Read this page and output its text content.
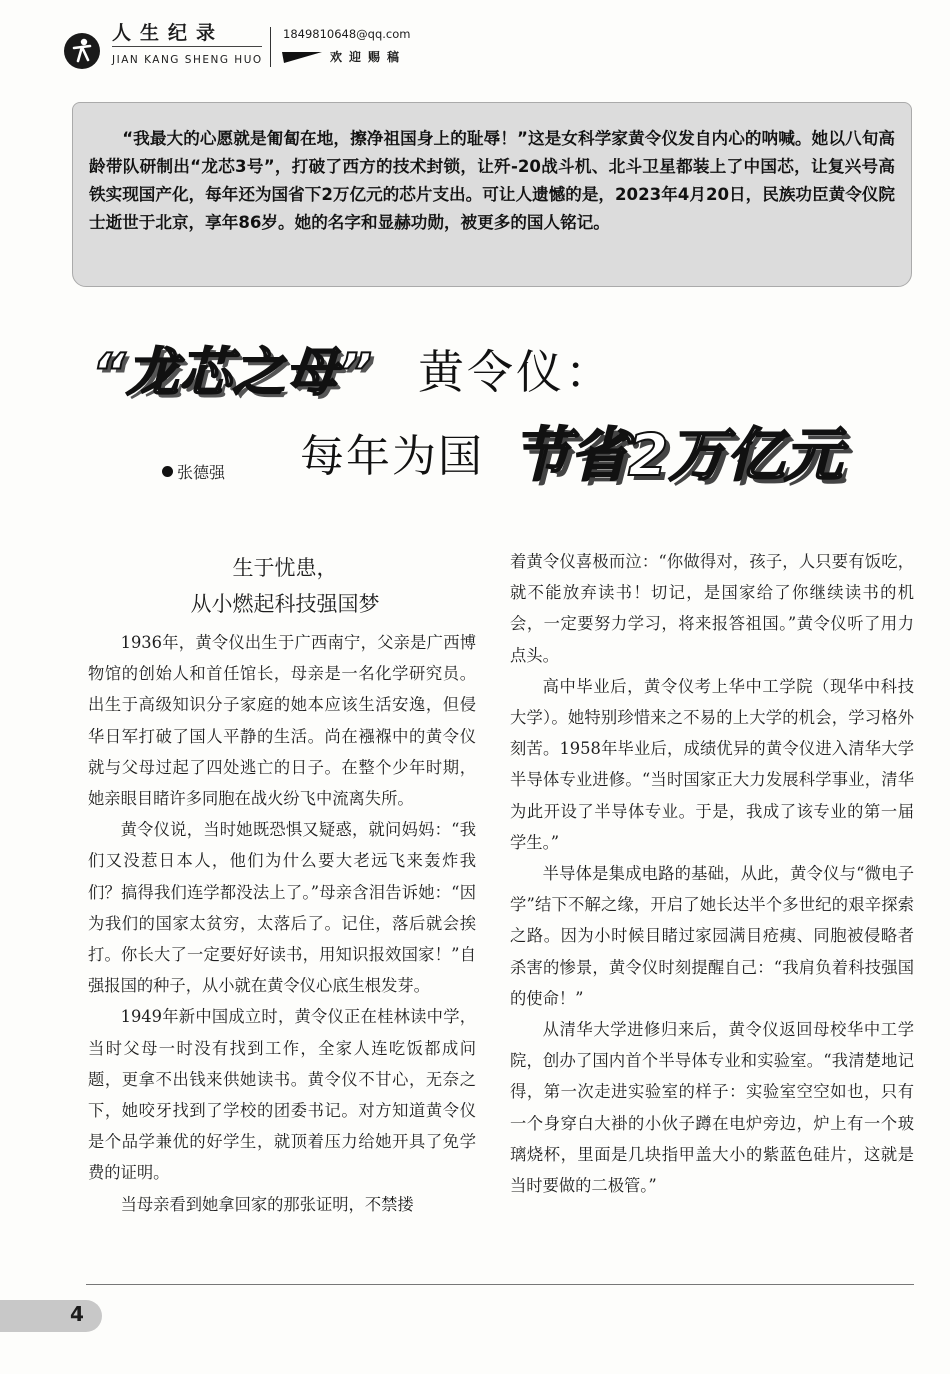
人生纪录
JIAN KANG SHENG HUO
1849810648@qq.com
欢迎赐稿
“我最大的心愿就是匍匐在地，擦净祖国身上的耻辱！”这是女科学家黄令仪发自内心的呐喊。她以八旬高龄带队研制出“龙芯3号”，打破了西方的技术封锁，让歼-20战斗机、北斗卫星都装上了中国芯，让复兴号高铁实现国产化，每年还为国省下2万亿元的芯片支出。可让人遗憾的是，2023年4月20日，民族功臣黄令仪院士逝世于北京，享年86岁。她的名字和显赫功勋，被更多的国人铭记。
“龙芯之母” 黄令仪：
每年为国 节省2万亿元
张德强
生于忧患，
从小燃起科技强国梦

1936年，黄令仪出生于广西南宁，父亲是广西博物馆的创始人和首任馆长，母亲是一名化学研究员。出生于高级知识分子家庭的她本应该生活安逸，但侵华日军打破了国人平静的生活。尚在襁褓中的黄令仪就与父母过起了四处逃亡的日子。在整个少年时期，她亲眼目睹许多同胞在战火纷飞中流离失所。

黄令仪说，当时她既恐惧又疑惑，就问妈妈：“我们又没惹日本人，他们为什么要大老远飞来轰炸我们？搞得我们连学都没法上了。”母亲含泪告诉她：“因为我们的国家太贫穷，太落后了。记住，落后就会挨打。你长大了一定要好好读书，用知识报效国家！”自强报国的种子，从小就在黄令仪心底生根发芽。

1949年新中国成立时，黄令仪正在桂林读中学，当时父母一时没有找到工作，全家人连吃饭都成问题，更拿不出钱来供她读书。黄令仪不甘心，无奈之下，她咬牙找到了学校的团委书记。对方知道黄令仪是个品学兼优的好学生，就顶着压力给她开具了免学费的证明。

当母亲看到她拿回家的那张证明，不禁搂

着黄令仪喜极而泣：“你做得对，孩子，人只要有饭吃，就不能放弃读书！切记，是国家给了你继续读书的机会，一定要努力学习，将来报答祖国。”黄令仪听了用力点头。

高中毕业后，黄令仪考上华中工学院（现华中科技大学）。她特别珍惜来之不易的上大学的机会，学习格外刻苦。1958年毕业后，成绩优异的黄令仪进入清华大学半导体专业进修。“当时国家正大力发展科学事业，清华为此开设了半导体专业。于是，我成了该专业的第一届学生。”

半导体是集成电路的基础，从此，黄令仪与“微电子学”结下不解之缘，开启了她长达半个多世纪的艰辛探索之路。因为小时候目睹过家园满目疮痍、同胞被侵略者杀害的惨景，黄令仪时刻提醒自己：“我肩负着科技强国的使命！”

从清华大学进修归来后，黄令仪返回母校华中工学院，创办了国内首个半导体专业和实验室。“我清楚地记得，第一次走进实验室的样子：实验室空空如也，只有一个身穿白大褂的小伙子蹲在电炉旁边，炉上有一个玻璃烧杯，里面是几块指甲盖大小的紫蓝色硅片，这就是当时要做的二极管。”

4
